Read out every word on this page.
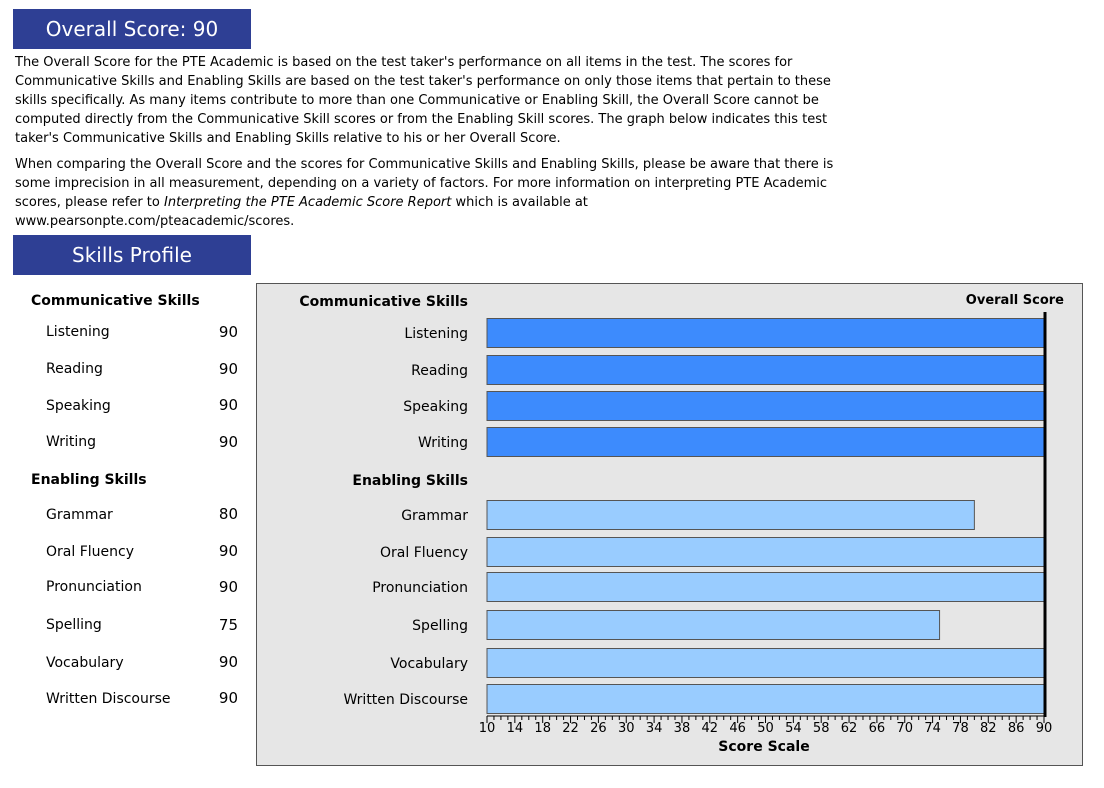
Overall Score: 90

The Overall Score for the PTE Academic is based on the test taker's performance on all items in the test. The scores for Communicative Skills and Enabling Skills are based on the test taker's performance on only those items that pertain to these skills specifically. As many items contribute to more than one Communicative or Enabling Skill, the Overall Score cannot be computed directly from the Communicative Skill scores or from the Enabling Skill scores. The graph below indicates this test taker's Communicative Skills and Enabling Skills relative to his or her Overall Score.

When comparing the Overall Score and the scores for Communicative Skills and Enabling Skills, please be aware that there is some imprecision in all measurement, depending on a variety of factors. For more information on interpreting PTE Academic scores, please refer to Interpreting the PTE Academic Score Report which is available at www.pearsonpte.com/pteacademic/scores.

Skills Profile
Communicative Skills
Listening	90
Reading	90
Speaking	90
Writing	90
Enabling Skills
Grammar	80
Oral Fluency	90
Pronunciation	90
Spelling	75
Vocabulary	90
Written Discourse	90
Communicative Skills
Enabling Skills
Overall Score
Listening
Reading
Speaking
Writing
Grammar
Oral Fluency
Pronunciation
Spelling
Vocabulary
Written Discourse
10 14 18 22 26 30 34 38 42 46 50 54 58 62 66 70 74 78 82 86 90
Score Scale
